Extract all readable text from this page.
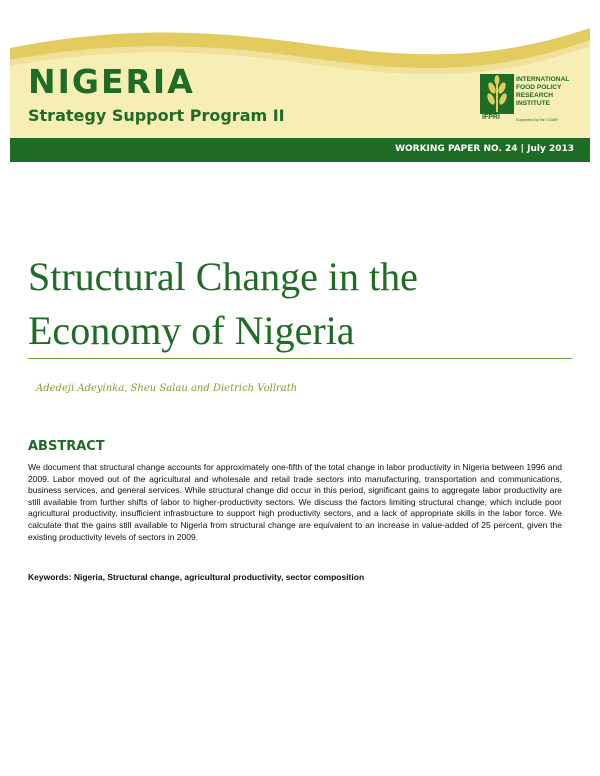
NIGERIA
Strategy Support Program II	IFPRI
INTERNATIONAL
FOOD POLICY
RESEARCH
INSTITUTE
Supported by the CGIAR
WORKING PAPER NO. 24 | July 2013
Structural Change in the
Economy of Nigeria
Adedeji Adeyinka, Sheu Salau and Dietrich Vollrath
ABSTRACT

We document that structural change accounts for approximately one-fifth of the total change in labor productivity in Nigeria between 1996 and 2009. Labor moved out of the agricultural and wholesale and retail trade sectors into manufacturing, transportation and communications, business services, and general services. While structural change did occur in this period, significant gains to aggregate labor productivity are still available from further shifts of labor to higher-productivity sectors. We discuss the factors limiting structural change, which include poor agricultural productivity, insufficient infrastructure to support high productivity sectors, and a lack of appropriate skills in the labor force. We calculate that the gains still available to Nigeria from structural change are equivalent to an increase in value-added of 25 percent, given the existing productivity levels of sectors in 2009.

Keywords: Nigeria, Structural change, agricultural productivity, sector composition
